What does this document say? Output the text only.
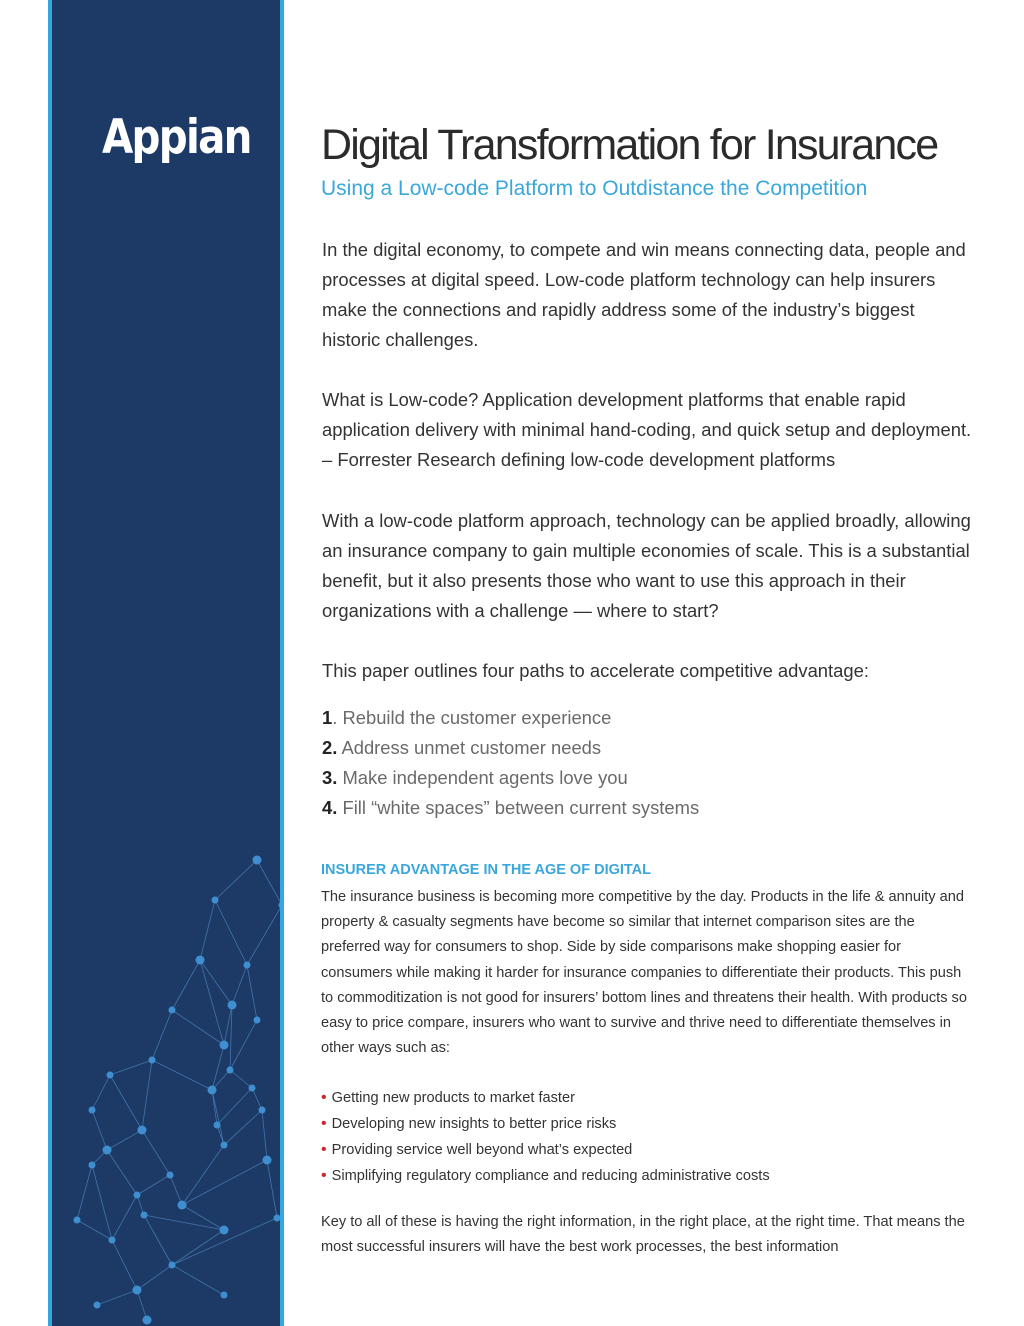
Appian Digital Transformation for Insurance
Using a Low-code Platform to Outdistance the Competition

In the digital economy, to compete and win means connecting data, people and processes at digital speed. Low-code platform technology can help insurers make the connections and rapidly address some of the industry’s biggest historic challenges.

What is Low-code? Application development platforms that enable rapid application delivery with minimal hand-coding, and quick setup and deployment. – Forrester Research defining low-code development platforms

With a low-code platform approach, technology can be applied broadly, allowing an insurance company to gain multiple economies of scale. This is a substantial benefit, but it also presents those who want to use this approach in their organizations with a challenge — where to start?

This paper outlines four paths to accelerate competitive advantage:

1. Rebuild the customer experience
2. Address unmet customer needs
3. Make independent agents love you
4. Fill “white spaces” between current systems
INSURER ADVANTAGE IN THE AGE OF DIGITAL

The insurance business is becoming more competitive by the day. Products in the life & annuity and property & casualty segments have become so similar that internet comparison sites are the preferred way for consumers to shop. Side by side comparisons make shopping easier for consumers while making it harder for insurance companies to differentiate their products. This push to commoditization is not good for insurers’ bottom lines and threatens their health. With products so easy to price compare, insurers who want to survive and thrive need to differentiate themselves in other ways such as:

• Getting new products to market faster
• Developing new insights to better price risks
• Providing service well beyond what’s expected
• Simplifying regulatory compliance and reducing administrative costs

Key to all of these is having the right information, in the right place, at the right time. That means the most successful insurers will have the best work processes, the best information
